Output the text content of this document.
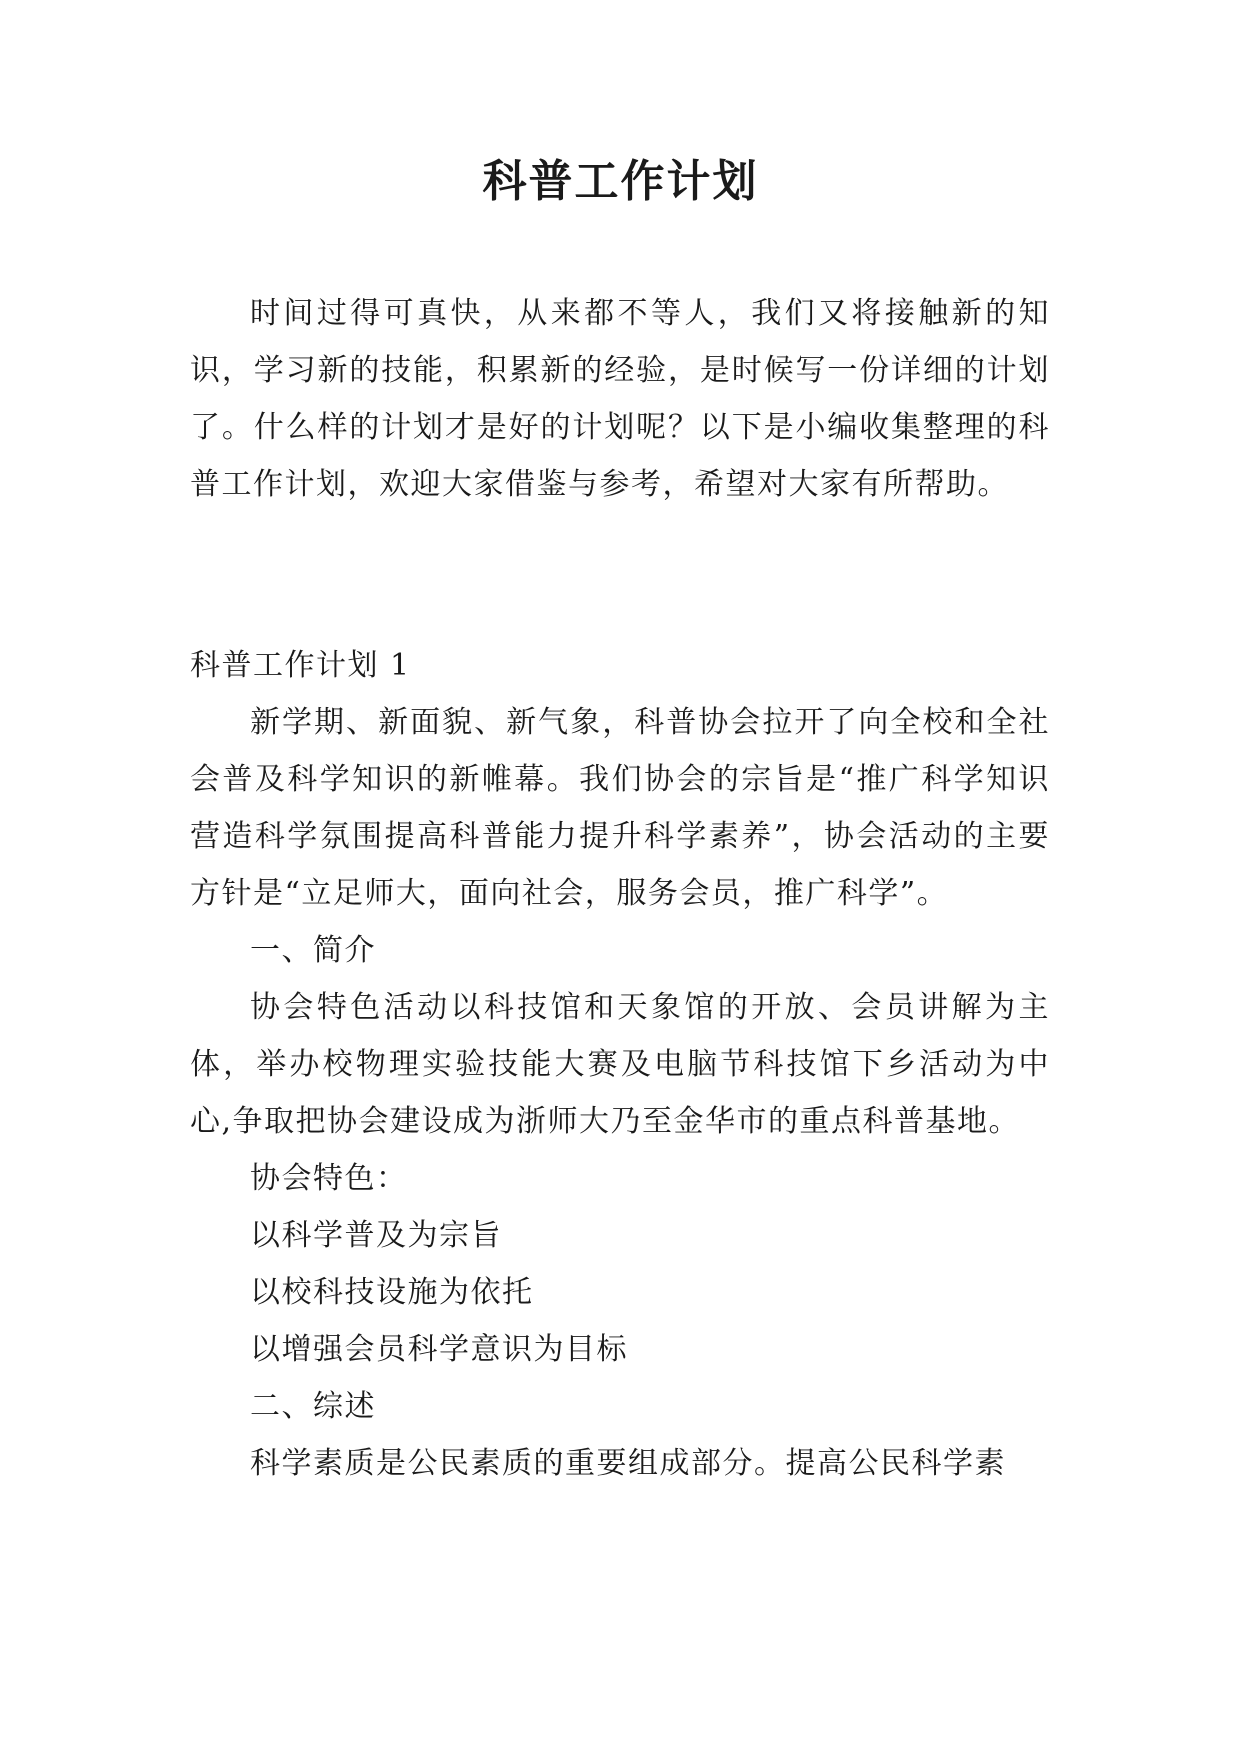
科普工作计划

时间过得可真快，从来都不等人，我们又将接触新的知识，学习新的技能，积累新的经验，是时候写一份详细的计划了。什么样的计划才是好的计划呢？以下是小编收集整理的科普工作计划，欢迎大家借鉴与参考，希望对大家有所帮助。

科普工作计划 1

新学期、新面貌、新气象，科普协会拉开了向全校和全社会普及科学知识的新帷幕。我们协会的宗旨是“推广科学知识营造科学氛围提高科普能力提升科学素养”，协会活动的主要方针是“立足师大，面向社会，服务会员，推广科学”。

一、简介

协会特色活动以科技馆和天象馆的开放、会员讲解为主体，举办校物理实验技能大赛及电脑节科技馆下乡活动为中心,争取把协会建设成为浙师大乃至金华市的重点科普基地。

协会特色：

以科学普及为宗旨

以校科技设施为依托

以增强会员科学意识为目标

二、综述

科学素质是公民素质的重要组成部分。提高公民科学素
